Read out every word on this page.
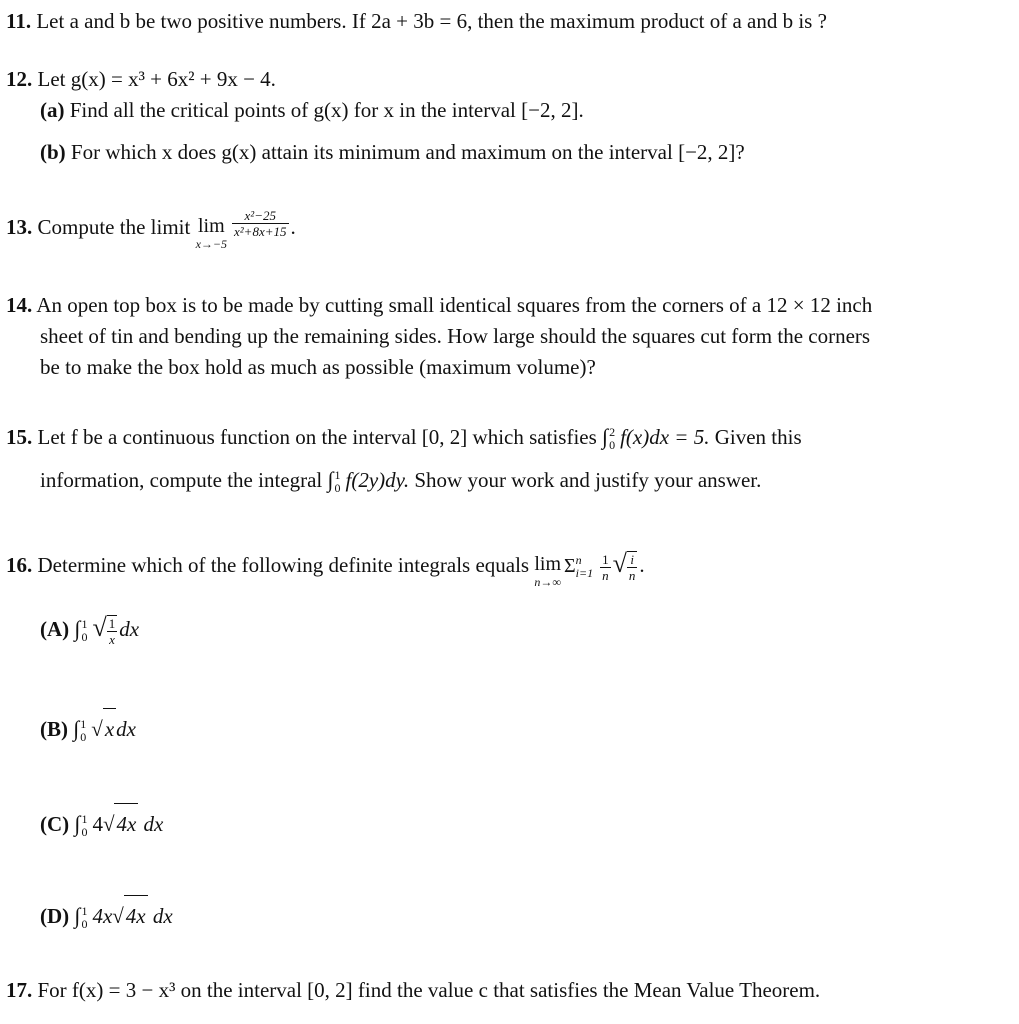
11. Let a and b be two positive numbers. If 2a + 3b = 6, then the maximum product of a and b is ?
12. Let g(x) = x³ + 6x² + 9x − 4.
(a) Find all the critical points of g(x) for x in the interval [−2, 2].
(b) For which x does g(x) attain its minimum and maximum on the interval [−2, 2]?
13. Compute the limit lim
x→−5
$\frac{\text{x²−25}}{\text{x²+8x+15}}$ .
14. An open top box is to be made by cutting small identical squares from the corners of a 12 × 12 inch
sheet of tin and bending up the remaining sides. How large should the squares cut form the corners
be to make the box hold as much as possible (maximum volume)?
15. Let f be a continuous function on the interval [0, 2] which satisfies ∫ 2
0 f(x)dx = 5. Given this
information, compute the integral ∫ 1
0 f(2y)dy. Show your work and justify your answer.
16. Determine which of the following definite integrals equals lim
n→∞
Σ n
$i=1 \frac{1}{n}$ √ $\frac{i}{n}$ .
(A) ∫ 1
0 √ $\frac{1}{x}$ dx
(B) ∫ 1
0 √xdx
(C) ∫ 1
0 4√4x dx
(D) ∫ 1
0 4x√4x dx
17. For f(x) = 3 − x³ on the interval [0, 2] find the value c that satisfies the Mean Value Theorem.
